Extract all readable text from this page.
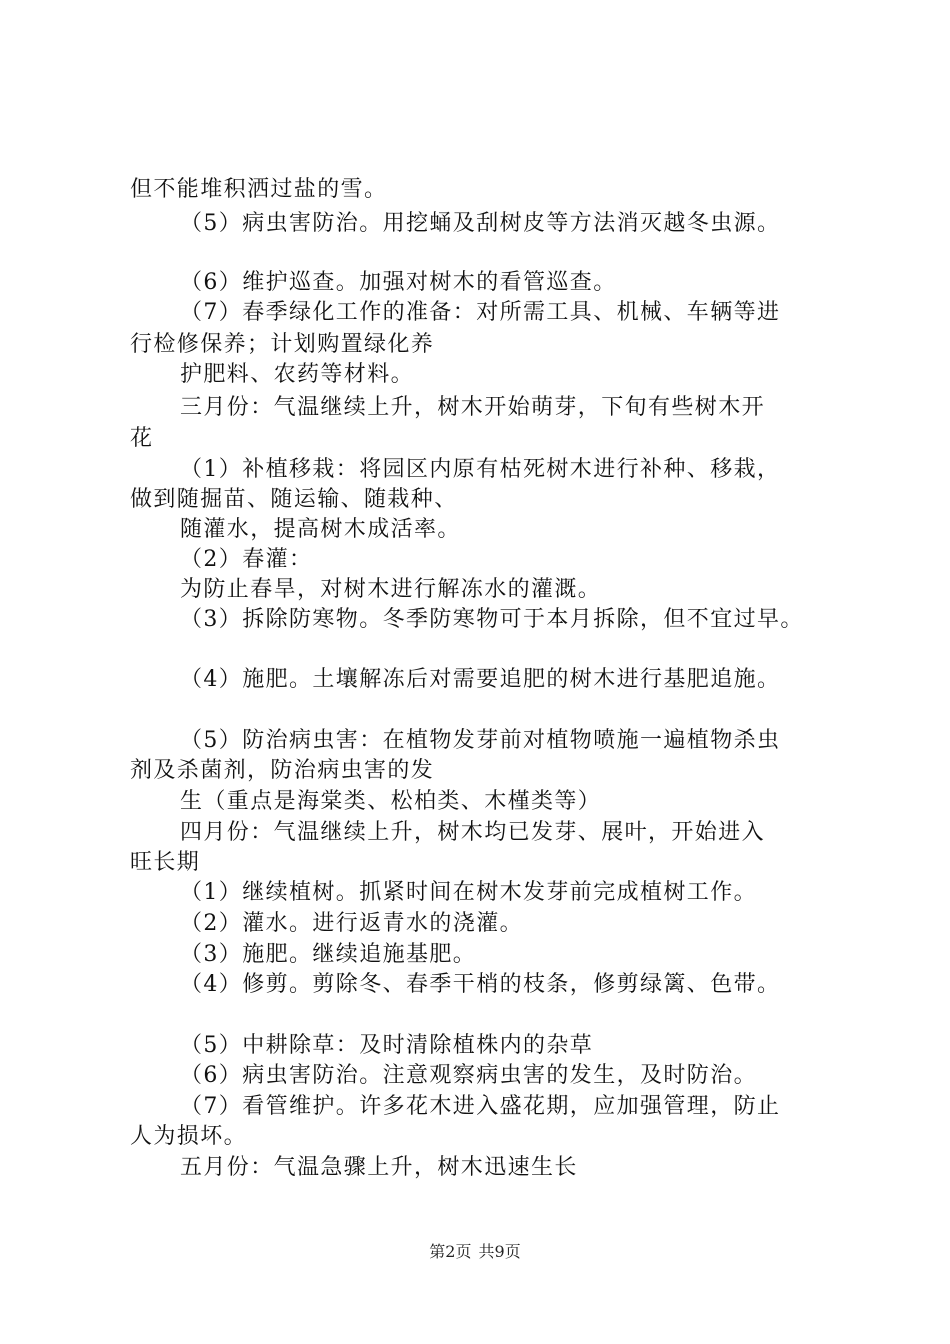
但不能堆积洒过盐的雪。
（5）病虫害防治。用挖蛹及刮树皮等方法消灭越冬虫源。
（6）维护巡查。加强对树木的看管巡查。
（7）春季绿化工作的准备：对所需工具、机械、车辆等进
行检修保养；计划购置绿化养
护肥料、农药等材料。
三月份：气温继续上升，树木开始萌芽，下旬有些树木开
花
（1）补植移栽：将园区内原有枯死树木进行补种、移栽，
做到随掘苗、随运输、随栽种、
随灌水，提高树木成活率。
（2）春灌：
为防止春旱，对树木进行解冻水的灌溉。
（3）拆除防寒物。冬季防寒物可于本月拆除，但不宜过早。
（4）施肥。土壤解冻后对需要追肥的树木进行基肥追施。
（5）防治病虫害：在植物发芽前对植物喷施一遍植物杀虫
剂及杀菌剂，防治病虫害的发
生（重点是海棠类、松柏类、木槿类等）
四月份：气温继续上升，树木均已发芽、展叶，开始进入
旺长期
（1）继续植树。抓紧时间在树木发芽前完成植树工作。
（2）灌水。进行返青水的浇灌。
（3）施肥。继续追施基肥。
（4）修剪。剪除冬、春季干梢的枝条，修剪绿篱、色带。
（5）中耕除草：及时清除植株内的杂草
（6）病虫害防治。注意观察病虫害的发生，及时防治。
（7）看管维护。许多花木进入盛花期，应加强管理，防止
人为损坏。
五月份：气温急骤上升，树木迅速生长
第2页 共9页
